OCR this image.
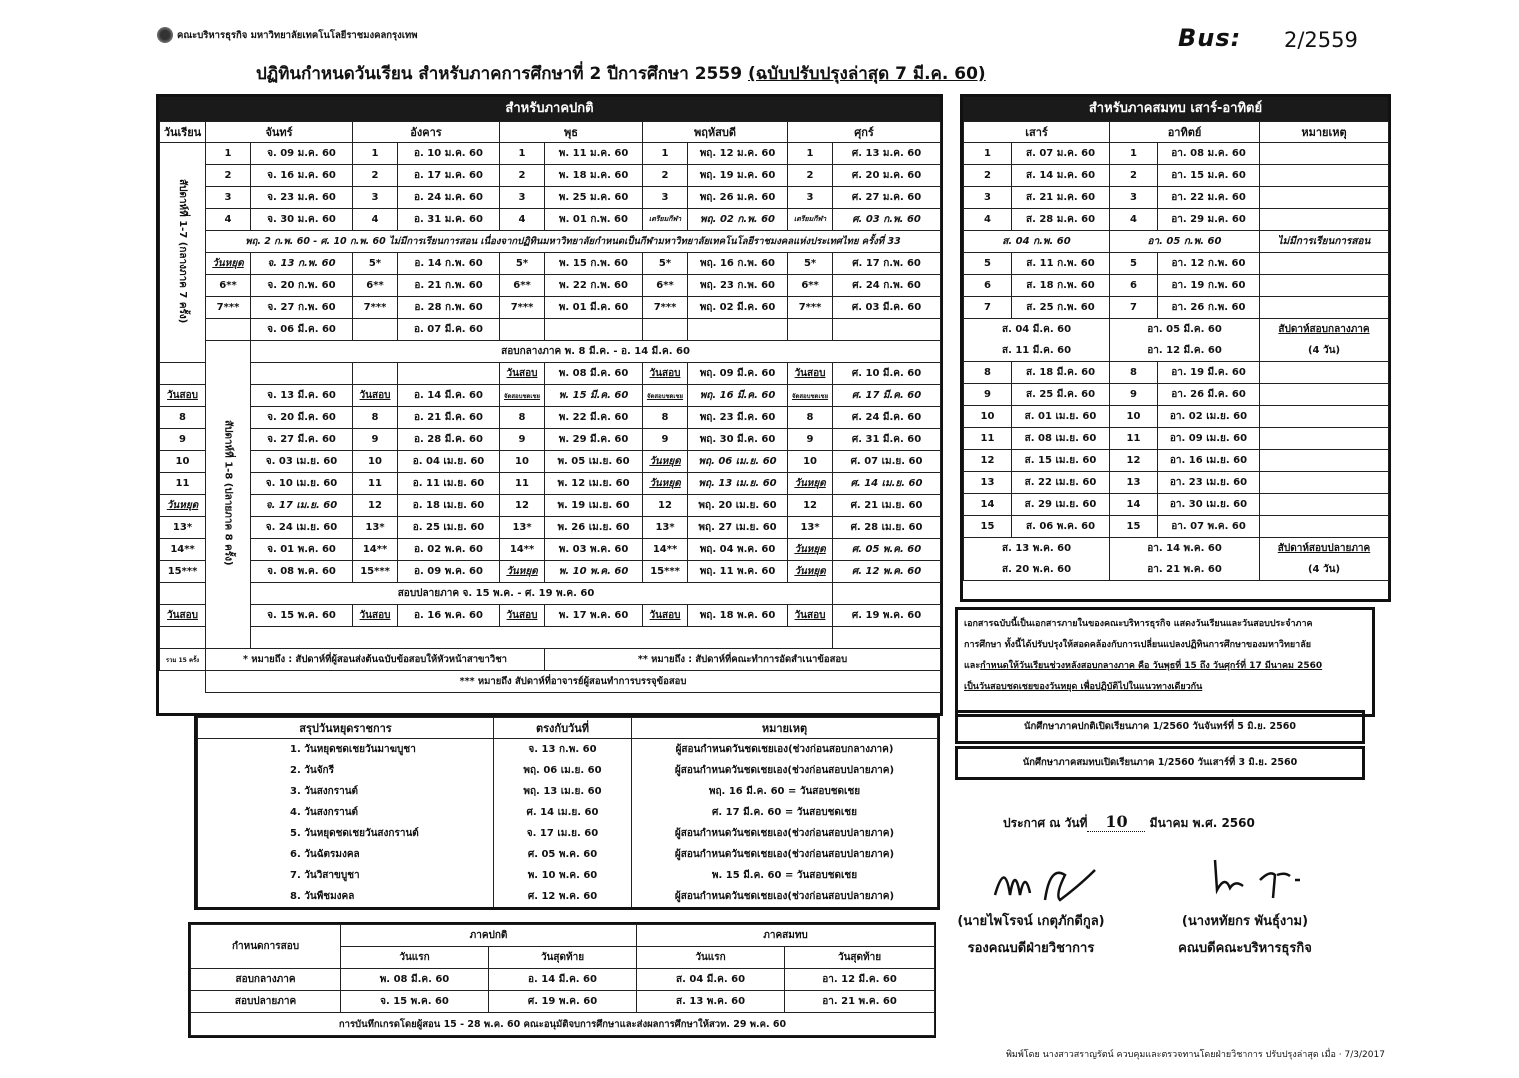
คณะบริหารธุรกิจ มหาวิทยาลัยเทคโนโลยีราชมงคลกรุงเทพ
ปฏิทินกำหนดวันเรียน สำหรับภาคการศึกษาที่ 2 ปีการศึกษา 2559 (ฉบับปรับปรุงล่าสุด 7 มี.ค. 60)
Bus: 2/2559
สำหรับภาคปกติ
วันเรียน	จันทร์		อังคาร		พุธ		พฤหัสบดี		ศุกร์	
สัปดาห์ที่ 1-7 (กลางภาค 7 ครั้ง)	1	จ. 09 ม.ค. 60	1	อ. 10 ม.ค. 60	1	พ. 11 ม.ค. 60	1	พฤ. 12 ม.ค. 60	1	ศ. 13 ม.ค. 60
	2	จ. 16 ม.ค. 60	2	อ. 17 ม.ค. 60	2	พ. 18 ม.ค. 60	2	พฤ. 19 ม.ค. 60	2	ศ. 20 ม.ค. 60
	3	จ. 23 ม.ค. 60	3	อ. 24 ม.ค. 60	3	พ. 25 ม.ค. 60	3	พฤ. 26 ม.ค. 60	3	ศ. 27 ม.ค. 60
	4	จ. 30 ม.ค. 60	4	อ. 31 ม.ค. 60	4	พ. 01 ก.พ. 60	เตรียมกีฬา	พฤ. 02 ก.พ. 60	เตรียมกีฬา	ศ. 03 ก.พ. 60
	พฤ. 2 ก.พ. 60 - ศ. 10 ก.พ. 60 ไม่มีการเรียนการสอน เนื่องจากปฏิทินมหาวิทยาลัยกำหนดเป็นกีฬามหาวิทยาลัยเทคโนโลยีราชมงคลแห่งประเทศไทย ครั้งที่ 33									
	วันหยุด	จ. 13 ก.พ. 60	5*	อ. 14 ก.พ. 60	5*	พ. 15 ก.พ. 60	5*	พฤ. 16 ก.พ. 60	5*	ศ. 17 ก.พ. 60
	6**	จ. 20 ก.พ. 60	6**	อ. 21 ก.พ. 60	6**	พ. 22 ก.พ. 60	6**	พฤ. 23 ก.พ. 60	6**	ศ. 24 ก.พ. 60
	7***	จ. 27 ก.พ. 60	7***	อ. 28 ก.พ. 60	7***	พ. 01 มี.ค. 60	7***	พฤ. 02 มี.ค. 60	7***	ศ. 03 มี.ค. 60
		จ. 06 มี.ค. 60		อ. 07 มี.ค. 60						
	สัปดาห์ที่ 1-8 (ปลายภาค 8 ครั้ง)	สอบกลางภาค พ. 8 มี.ค. - อ. 14 มี.ค. 60								
					วันสอบ	พ. 08 มี.ค. 60	วันสอบ	พฤ. 09 มี.ค. 60	วันสอบ	ศ. 10 มี.ค. 60
วันสอบ		จ. 13 มี.ค. 60	วันสอบ	อ. 14 มี.ค. 60	จัดสอบชดเชย	พ. 15 มี.ค. 60	จัดสอบชดเชย	พฤ. 16 มี.ค. 60	จัดสอบชดเชย	ศ. 17 มี.ค. 60
8		จ. 20 มี.ค. 60	8	อ. 21 มี.ค. 60	8	พ. 22 มี.ค. 60	8	พฤ. 23 มี.ค. 60	8	ศ. 24 มี.ค. 60
9		จ. 27 มี.ค. 60	9	อ. 28 มี.ค. 60	9	พ. 29 มี.ค. 60	9	พฤ. 30 มี.ค. 60	9	ศ. 31 มี.ค. 60
10		จ. 03 เม.ย. 60	10	อ. 04 เม.ย. 60	10	พ. 05 เม.ย. 60	วันหยุด	พฤ. 06 เม.ย. 60	10	ศ. 07 เม.ย. 60
11		จ. 10 เม.ย. 60	11	อ. 11 เม.ย. 60	11	พ. 12 เม.ย. 60	วันหยุด	พฤ. 13 เม.ย. 60	วันหยุด	ศ. 14 เม.ย. 60
วันหยุด		จ. 17 เม.ย. 60	12	อ. 18 เม.ย. 60	12	พ. 19 เม.ย. 60	12	พฤ. 20 เม.ย. 60	12	ศ. 21 เม.ย. 60
13*		จ. 24 เม.ย. 60	13*	อ. 25 เม.ย. 60	13*	พ. 26 เม.ย. 60	13*	พฤ. 27 เม.ย. 60	13*	ศ. 28 เม.ย. 60
14**		จ. 01 พ.ค. 60	14**	อ. 02 พ.ค. 60	14**	พ. 03 พ.ค. 60	14**	พฤ. 04 พ.ค. 60	วันหยุด	ศ. 05 พ.ค. 60
15***		จ. 08 พ.ค. 60	15***	อ. 09 พ.ค. 60	วันหยุด	พ. 10 พ.ค. 60	15***	พฤ. 11 พ.ค. 60	วันหยุด	ศ. 12 พ.ค. 60
สอบปลายภาค จ. 15 พ.ค. - ศ. 19 พ.ค. 60										
วันสอบ		จ. 15 พ.ค. 60	วันสอบ	อ. 16 พ.ค. 60	วันสอบ	พ. 17 พ.ค. 60	วันสอบ	พฤ. 18 พ.ค. 60	วันสอบ	ศ. 19 พ.ค. 60

รวม 15 ครั้ง	* หมายถึง : สัปดาห์ที่ผู้สอนส่งต้นฉบับข้อสอบให้หัวหน้าสาขาวิชา					** หมายถึง : สัปดาห์ที่คณะทำการอัดสำเนาข้อสอบ				
	*** หมายถึง สัปดาห์ที่อาจารย์ผู้สอนทำการบรรจุข้อสอบ									
สรุปวันหยุดราชการ	ตรงกับวันที่	หมายเหตุ
1. วันหยุดชดเชยวันมาฆบูชา	จ. 13 ก.พ. 60	ผู้สอนกำหนดวันชดเชยเอง(ช่วงก่อนสอบกลางภาค)
2. วันจักรี	พฤ. 06 เม.ย. 60	ผู้สอนกำหนดวันชดเชยเอง(ช่วงก่อนสอบปลายภาค)
3. วันสงกรานต์	พฤ. 13 เม.ย. 60	พฤ. 16 มี.ค. 60 = วันสอบชดเชย
4. วันสงกรานต์	ศ. 14 เม.ย. 60	ศ. 17 มี.ค. 60 = วันสอบชดเชย
5. วันหยุดชดเชยวันสงกรานต์	จ. 17 เม.ย. 60	ผู้สอนกำหนดวันชดเชยเอง(ช่วงก่อนสอบปลายภาค)
6. วันฉัตรมงคล	ศ. 05 พ.ค. 60	ผู้สอนกำหนดวันชดเชยเอง(ช่วงก่อนสอบปลายภาค)
7. วันวิสาขบูชา	พ. 10 พ.ค. 60	พ. 15 มี.ค. 60 = วันสอบชดเชย
8. วันพืชมงคล	ศ. 12 พ.ค. 60	ผู้สอนกำหนดวันชดเชยเอง(ช่วงก่อนสอบปลายภาค)
กำหนดการสอบ	ภาคปกติ		ภาคสมทบ	
	วันแรก	วันสุดท้าย	วันแรก	วันสุดท้าย
สอบกลางภาค	พ. 08 มี.ค. 60	อ. 14 มี.ค. 60	ส. 04 มี.ค. 60	อา. 12 มี.ค. 60
สอบปลายภาค	จ. 15 พ.ค. 60	ศ. 19 พ.ค. 60	ส. 13 พ.ค. 60	อา. 21 พ.ค. 60
การบันทึกเกรดโดยผู้สอน 15 - 28 พ.ค. 60 คณะอนุมัติจบการศึกษาและส่งผลการศึกษาให้สวท. 29 พ.ค. 60				
สำหรับภาคสมทบ เสาร์-อาทิตย์
เสาร์		อาทิตย์		หมายเหตุ
1	ส. 07 ม.ค. 60	1	อา. 08 ม.ค. 60	
2	ส. 14 ม.ค. 60	2	อา. 15 ม.ค. 60	
3	ส. 21 ม.ค. 60	3	อา. 22 ม.ค. 60	
4	ส. 28 ม.ค. 60	4	อา. 29 ม.ค. 60	
ส. 04 ก.พ. 60		อา. 05 ก.พ. 60		ไม่มีการเรียนการสอน
5	ส. 11 ก.พ. 60	5	อา. 12 ก.พ. 60	
6	ส. 18 ก.พ. 60	6	อา. 19 ก.พ. 60	
7	ส. 25 ก.พ. 60	7	อา. 26 ก.พ. 60	
ส. 04 มี.ค. 60		อา. 05 มี.ค. 60		สัปดาห์สอบกลางภาค
ส. 11 มี.ค. 60		อา. 12 มี.ค. 60		(4 วัน)
8	ส. 18 มี.ค. 60	8	อา. 19 มี.ค. 60	
9	ส. 25 มี.ค. 60	9	อา. 26 มี.ค. 60	
10	ส. 01 เม.ย. 60	10	อา. 02 เม.ย. 60	
11	ส. 08 เม.ย. 60	11	อา. 09 เม.ย. 60	
12	ส. 15 เม.ย. 60	12	อา. 16 เม.ย. 60	
13	ส. 22 เม.ย. 60	13	อา. 23 เม.ย. 60	
14	ส. 29 เม.ย. 60	14	อา. 30 เม.ย. 60	
15	ส. 06 พ.ค. 60	15	อา. 07 พ.ค. 60	
ส. 13 พ.ค. 60		อา. 14 พ.ค. 60		สัปดาห์สอบปลายภาค
ส. 20 พ.ค. 60		อา. 21 พ.ค. 60		(4 วัน)
เอกสารฉบับนี้เป็นเอกสารภายในของคณะบริหารธุรกิจ แสดงวันเรียนและวันสอบประจำภาค
การศึกษา ทั้งนี้ได้ปรับปรุงให้สอดคล้องกับการเปลี่ยนแปลงปฏิทินการศึกษาของมหาวิทยาลัย
และกำหนดให้วันเรียนช่วงหลังสอบกลางภาค คือ วันพุธที่ 15 ถึง วันศุกร์ที่ 17 มีนาคม 2560
เป็นวันสอบชดเชยของวันหยุด เพื่อปฏิบัติไปในแนวทางเดียวกัน
นักศึกษาภาคปกติเปิดเรียนภาค 1/2560 วันจันทร์ที่ 5 มิ.ย. 2560
นักศึกษาภาคสมทบเปิดเรียนภาค 1/2560 วันเสาร์ที่ 3 มิ.ย. 2560
ประกาศ ณ วันที่ 10 มีนาคม พ.ศ. 2560
(นายไพโรจน์ เกตุภักดีกูล)
รองคณบดีฝ่ายวิชาการ
(นางหทัยกร พันธุ์งาม)
คณบดีคณะบริหารธุรกิจ
พิมพ์โดย นางสาวสราญรัตน์ ควบคุมและตรวจทานโดยฝ่ายวิชาการ ปรับปรุงล่าสุด เมื่อ · 7/3/2017
